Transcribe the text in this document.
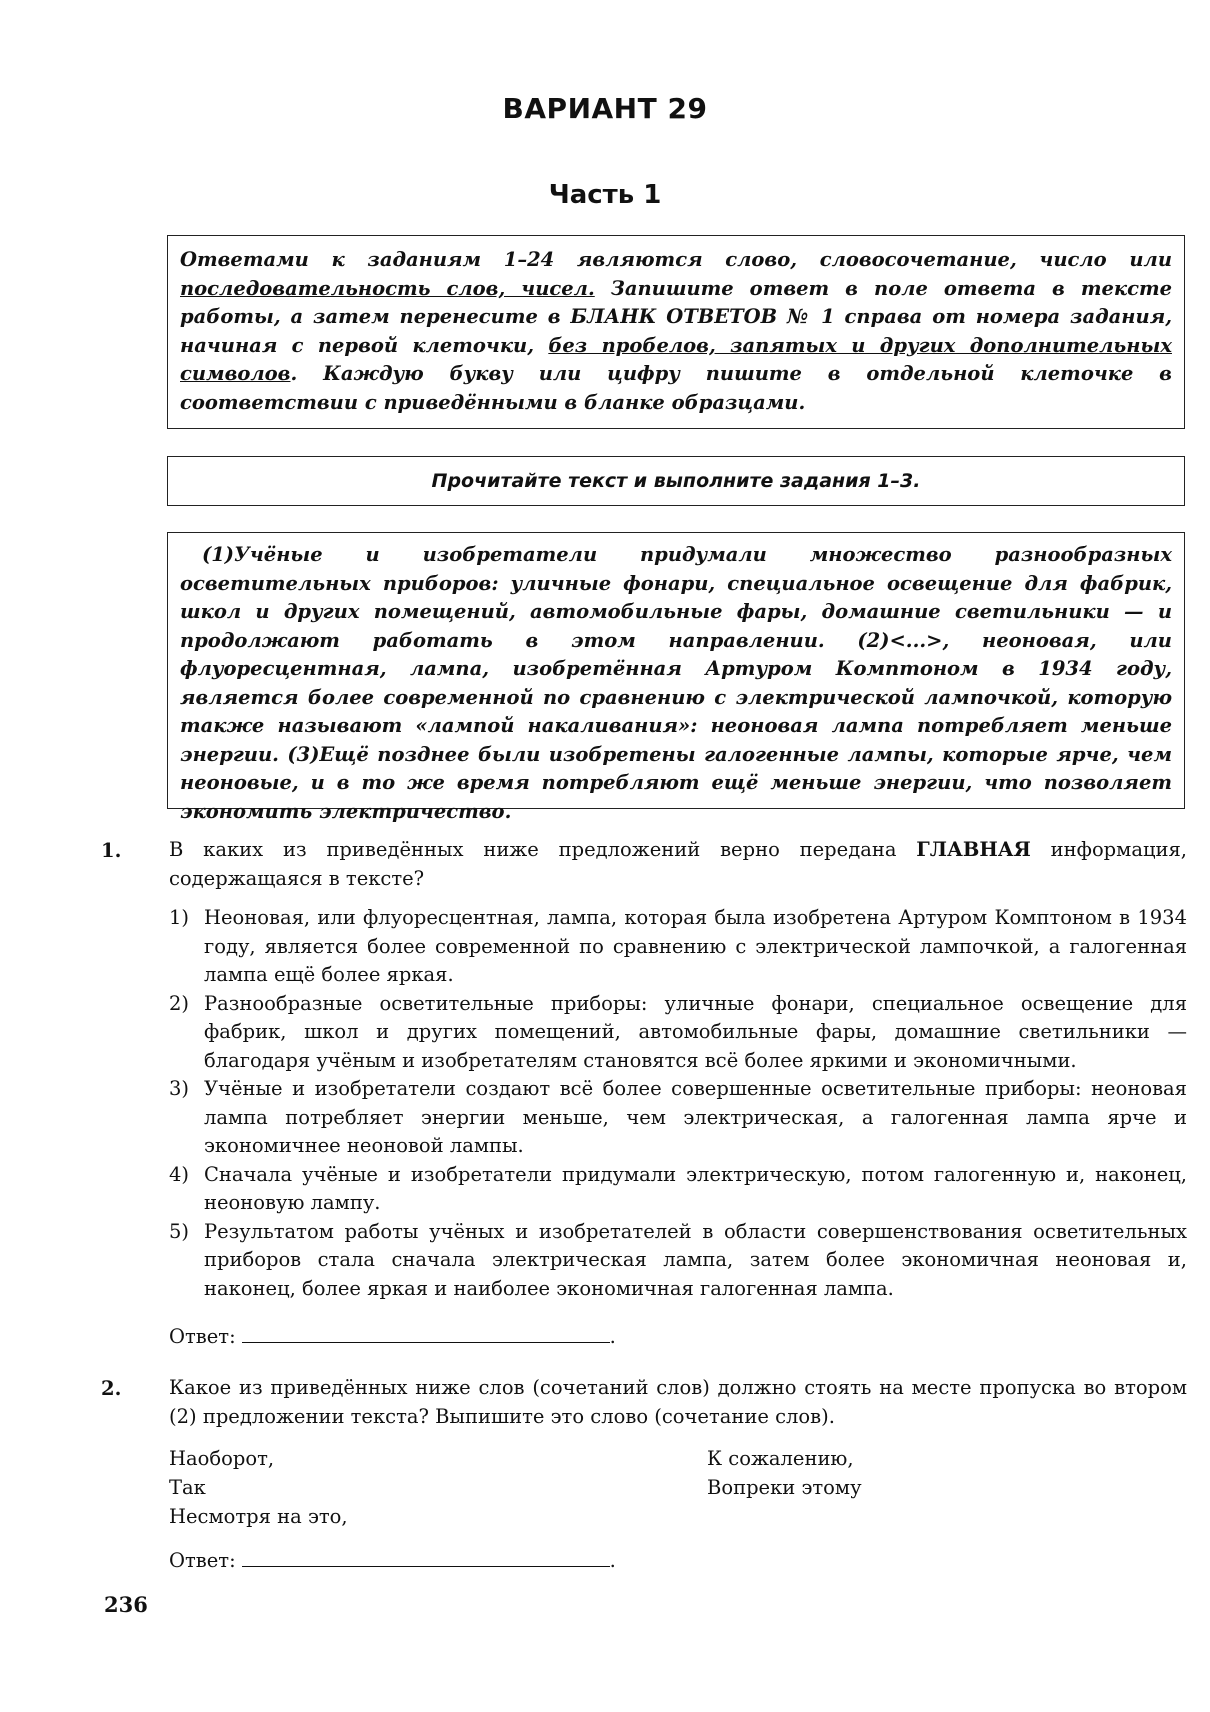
ВАРИАНТ 29
Часть 1

Ответами к заданиям 1–24 являются слово, словосочетание, число или последовательность слов, чисел. Запишите ответ в поле ответа в тексте работы, а затем перенесите в БЛАНК ОТВЕТОВ № 1 справа от номера задания, начиная с первой клеточки, без пробелов, запятых и других дополнительных символов. Каждую букву или цифру пишите в отдельной клеточке в соответствии с приведёнными в бланке образцами.

Прочитайте текст и выполните задания 1–3.

(1)Учёные и изобретатели придумали множество разнообразных осветительных приборов: уличные фонари, специальное освещение для фабрик, школ и других помещений, автомобильные фары, домашние светильники — и продолжают работать в этом направлении. (2)<...>, неоновая, или флуоресцентная, лампа, изобретённая Артуром Комптоном в 1934 году, является более современной по сравнению с электрической лампочкой, которую также называют «лампой накаливания»: неоновая лампа потребляет меньше энергии. (3)Ещё позднее были изобретены галогенные лампы, которые ярче, чем неоновые, и в то же время потребляют ещё меньше энергии, что позволяет экономить электричество.

1. В каких из приведённых ниже предложений верно передана ГЛАВНАЯ информация, содержащаяся в тексте?

1) Неоновая, или флуоресцентная, лампа, которая была изобретена Артуром Комптоном в 1934 году, является более современной по сравнению с электрической лампочкой, а галогенная лампа ещё более яркая.
2) Разнообразные осветительные приборы: уличные фонари, специальное освещение для фабрик, школ и других помещений, автомобильные фары, домашние светильники — благодаря учёным и изобретателям становятся всё более яркими и экономичными.
3) Учёные и изобретатели создают всё более совершенные осветительные приборы: неоновая лампа потребляет энергии меньше, чем электрическая, а галогенная лампа ярче и экономичнее неоновой лампы.
4) Сначала учёные и изобретатели придумали электрическую, потом галогенную и, наконец, неоновую лампу.
5) Результатом работы учёных и изобретателей в области совершенствования осветительных приборов стала сначала электрическая лампа, затем более экономичная неоновая и, наконец, более яркая и наиболее экономичная галогенная лампа.
Ответ:	.
2. Какое из приведённых ниже слов (сочетаний слов) должно стоять на месте пропуска во втором (2) предложении текста? Выпишите это слово (сочетание слов).

Наоборот,
Так
Несмотря на это,
К сожалению,
Вопреки этому
Ответ:	.
236
